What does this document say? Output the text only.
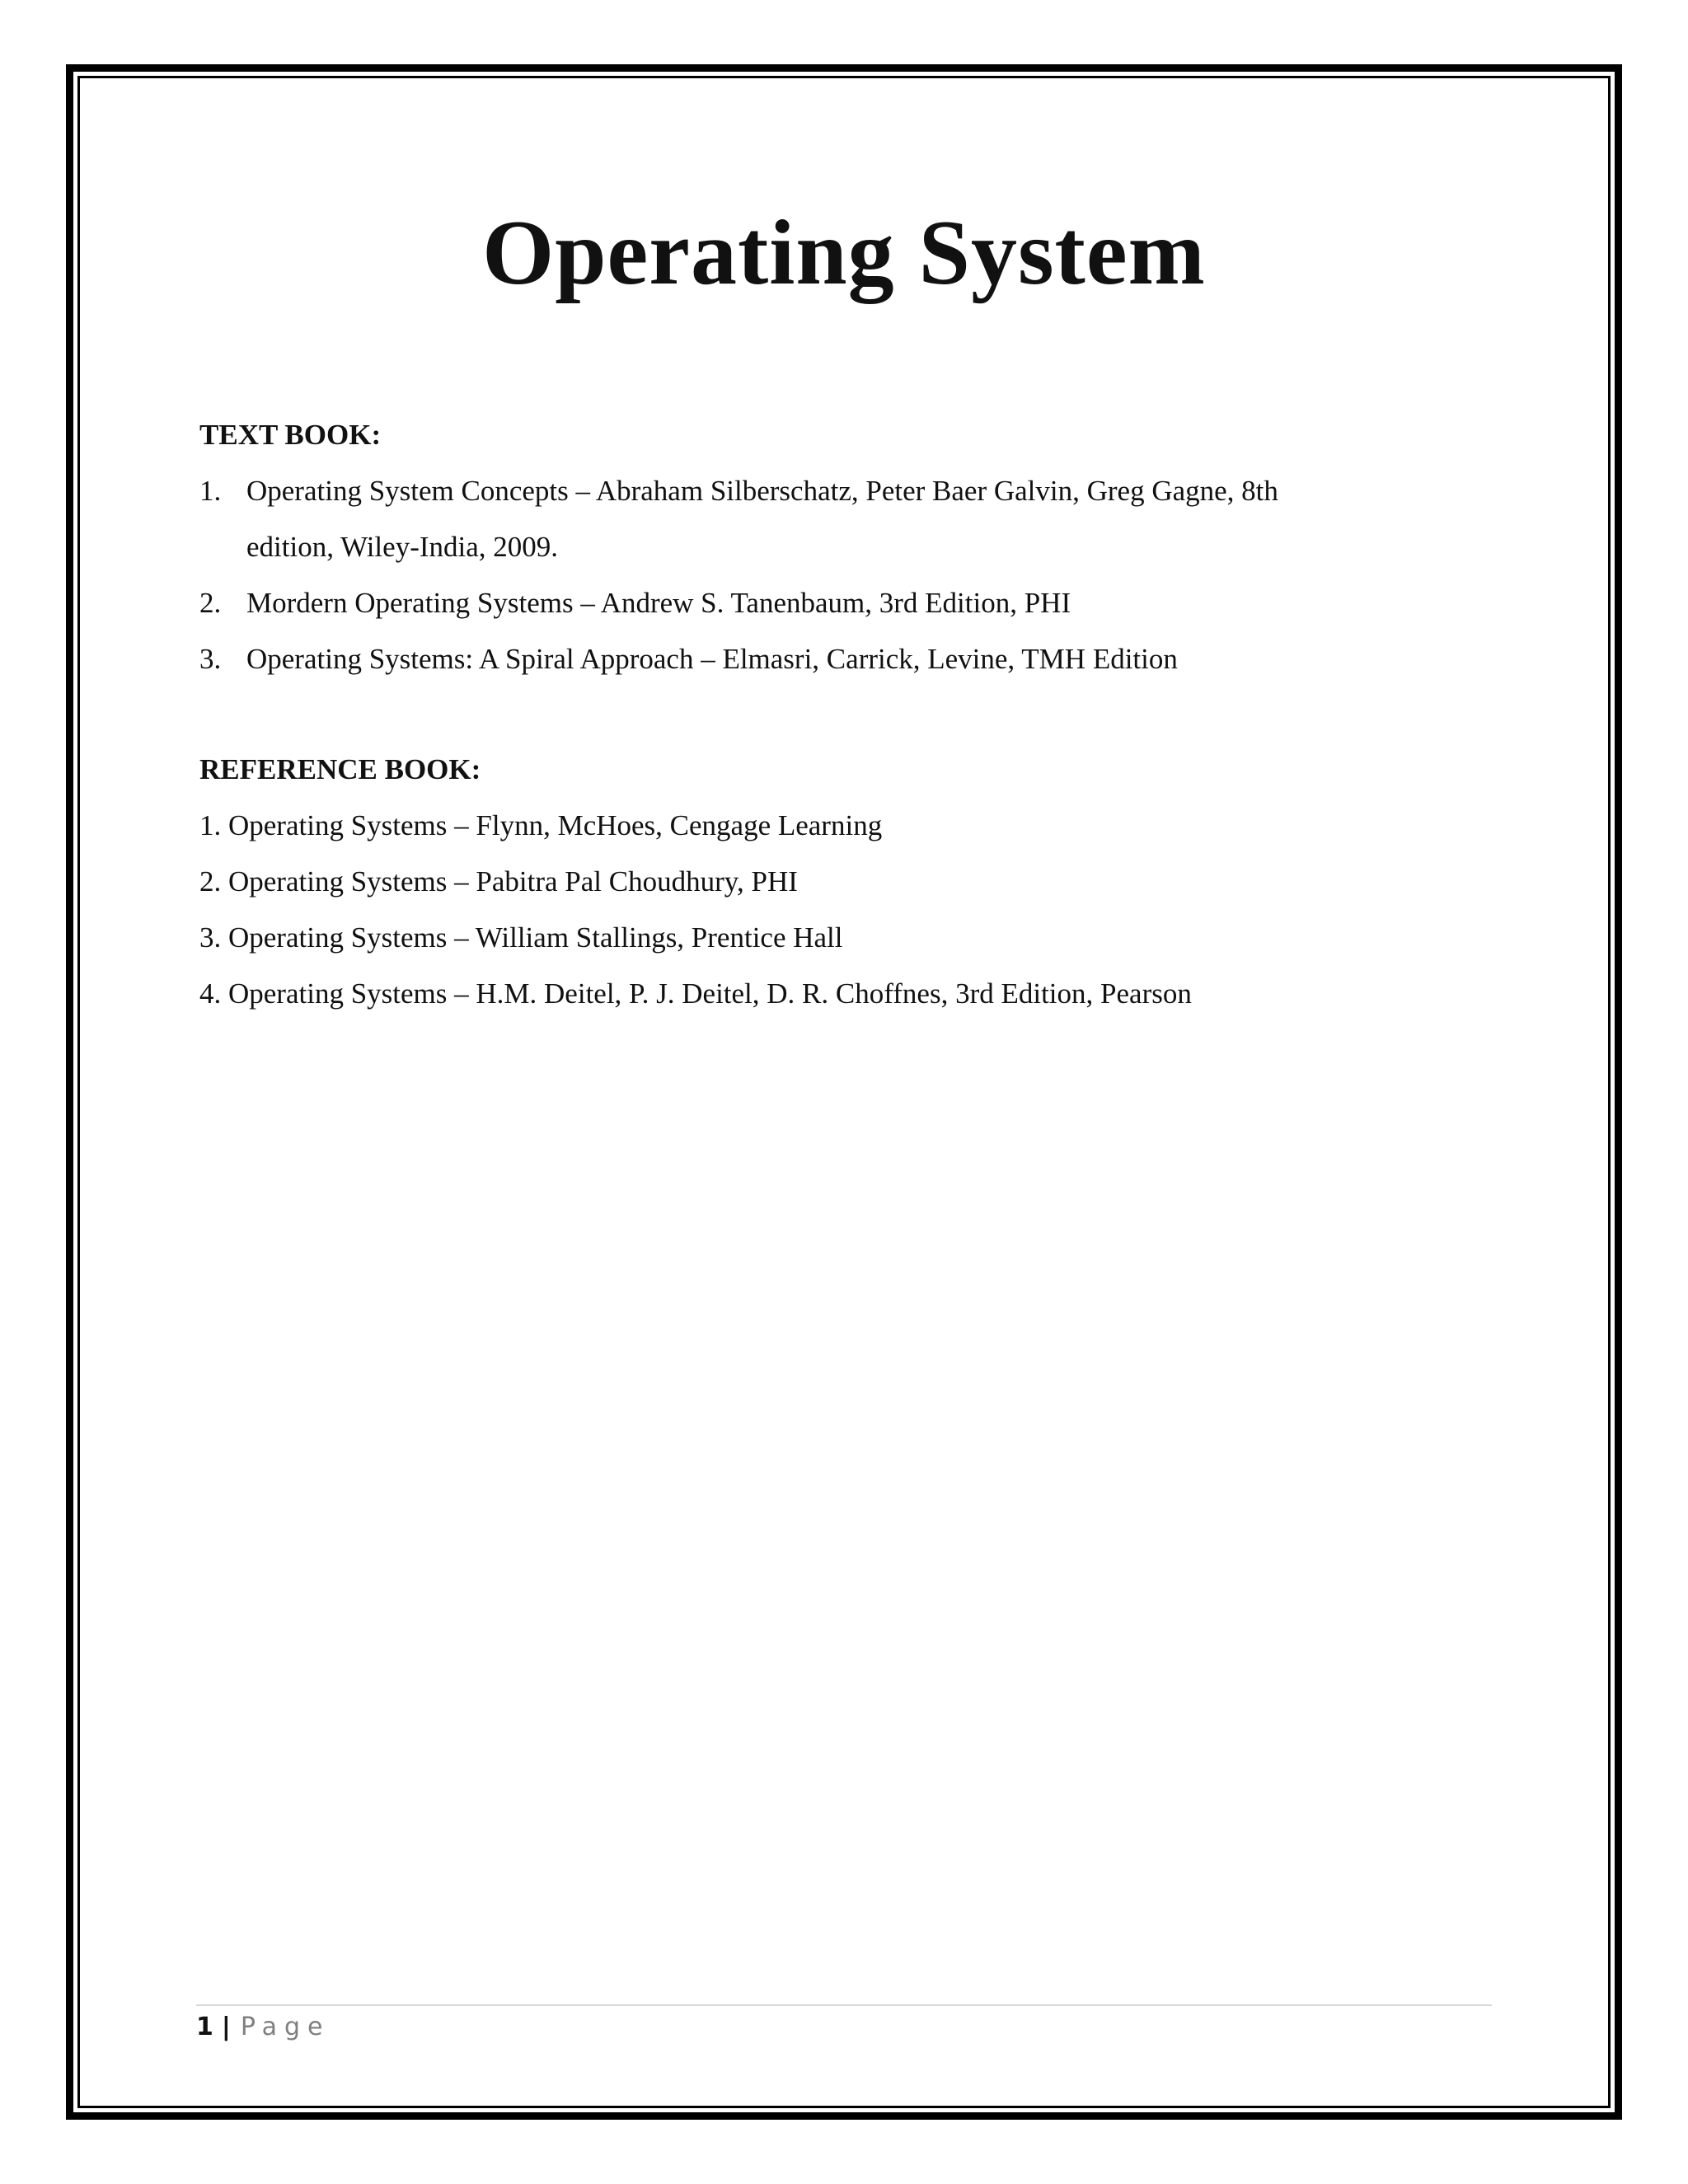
Operating System
TEXT BOOK:
1. Operating System Concepts – Abraham Silberschatz, Peter Baer Galvin, Greg Gagne, 8th
edition, Wiley-India, 2009.
2. Mordern Operating Systems – Andrew S. Tanenbaum, 3rd Edition, PHI
3. Operating Systems: A Spiral Approach – Elmasri, Carrick, Levine, TMH Edition
REFERENCE BOOK:
1. Operating Systems – Flynn, McHoes, Cengage Learning
2. Operating Systems – Pabitra Pal Choudhury, PHI
3. Operating Systems – William Stallings, Prentice Hall
4. Operating Systems – H.M. Deitel, P. J. Deitel, D. R. Choffnes, 3rd Edition, Pearson
1 | Page
